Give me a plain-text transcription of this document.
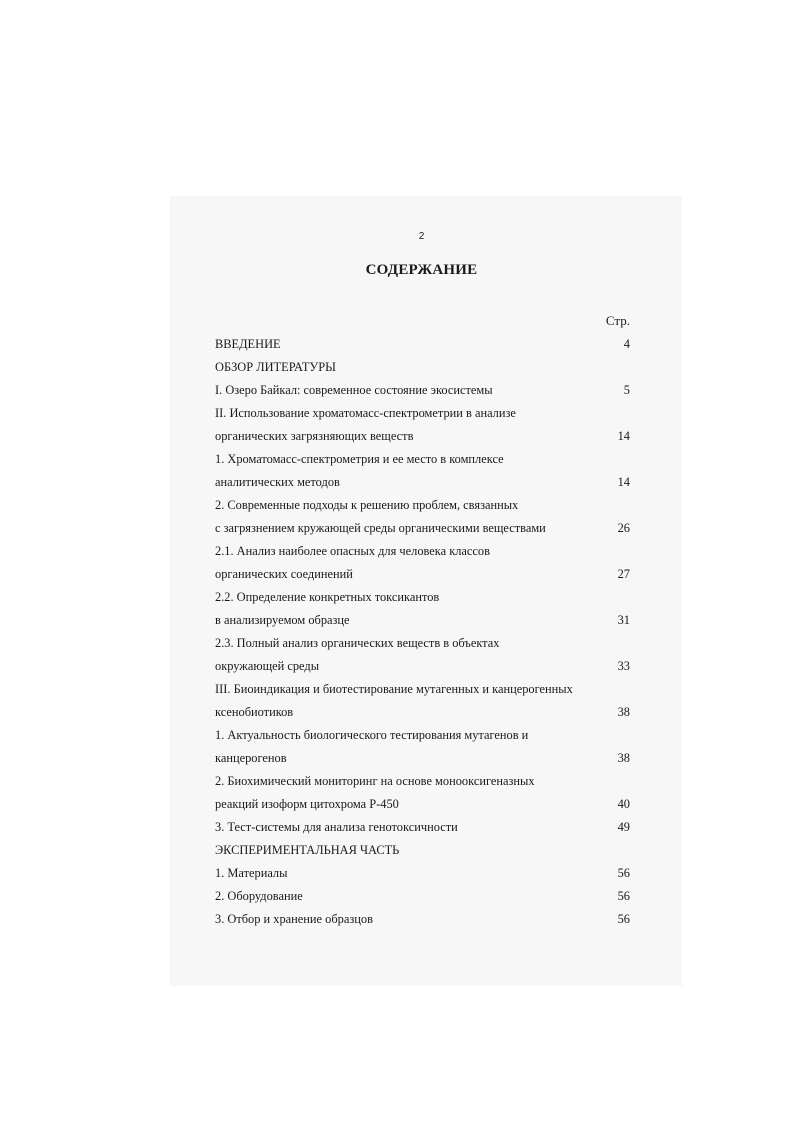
2
СОДЕРЖАНИЕ
Стр.
ВВЕДЕНИЕ	4
ОБЗОР ЛИТЕРАТУРЫ
I. Озеро Байкал: современное состояние экосистемы	5
II. Использование хроматомасс-спектрометрии в анализе
органических загрязняющих веществ	14
1. Хроматомасс-спектрометрия и ее место в комплексе
аналитических методов	14
2. Современные подходы к решению проблем, связанных
с загрязнением кружающей среды органическими веществами	26
2.1. Анализ наиболее опасных для человека классов
органических соединений	27
2.2. Определение конкретных токсикантов
в анализируемом образце	31
2.3. Полный анализ органических веществ в объектах
окружающей среды	33
III. Биоиндикация и биотестирование мутагенных и канцерогенных
ксенобиотиков	38
1. Актуальность биологического тестирования мутагенов и
канцерогенов	38
2. Биохимический мониторинг на основе монооксигеназных
реакций изоформ цитохрома Р-450	40
3. Тест-системы для анализа генотоксичности	49
ЭКСПЕРИМЕНТАЛЬНАЯ ЧАСТЬ
1. Материалы	56
2. Оборудование	56
3. Отбор и хранение образцов	56
